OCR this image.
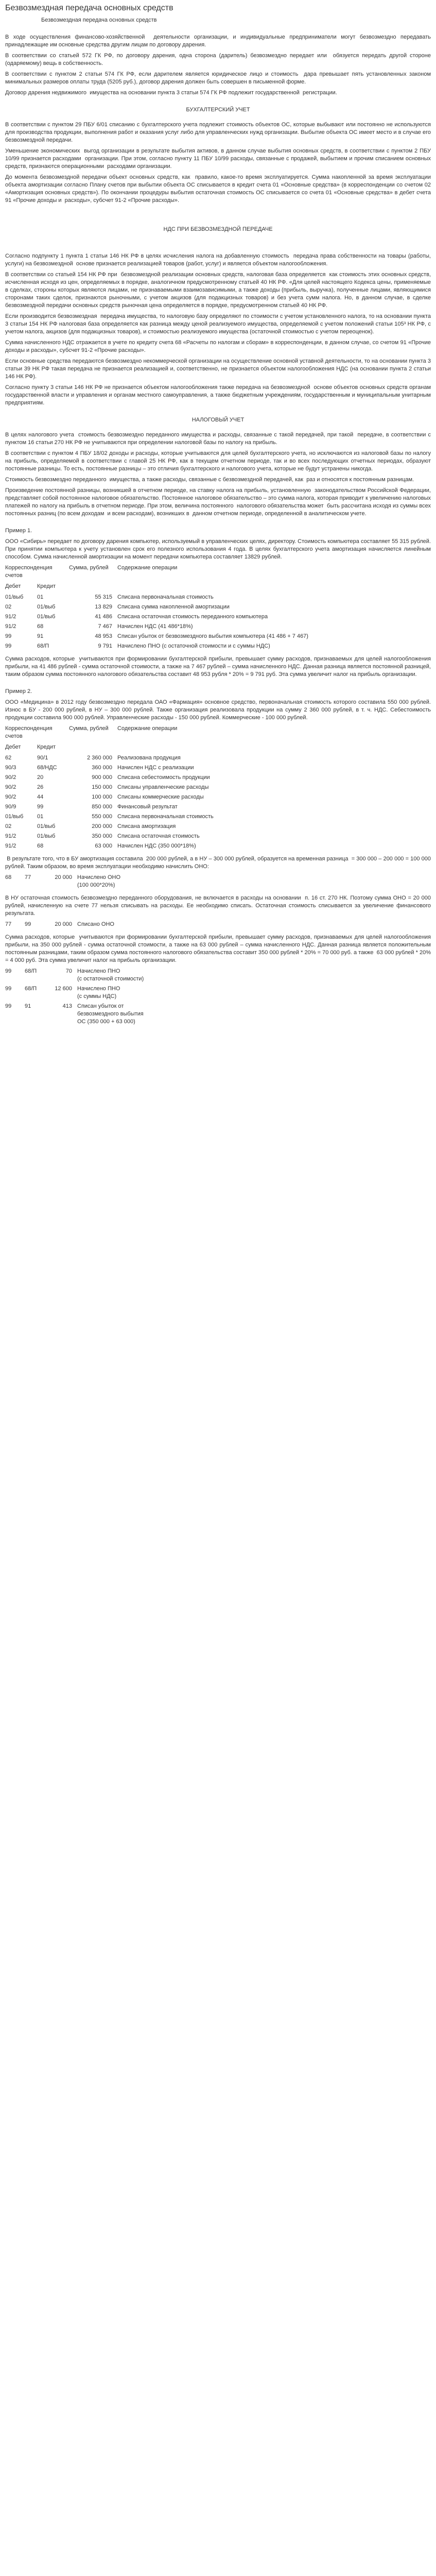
Безвозмездная передача основных средств
Безвозмездная передача основных средств

В ходе осуществления финансово-хозяйственной  деятельности организации, и индивидуальные предприниматели могут безвозмездно передавать принадлежащие им основные средства другим лицам по договору дарения.

В соответствии со статьей 572 ГК РФ, по договору дарения, одна сторона (даритель) безвозмездно передает или  обязуется передать другой стороне (одаряемому) вещь в собственность.

В соответствии с пунктом 2 статьи 574 ГК РФ, если дарителем является юридическое лицо и стоимость  дара превышает пять установленных законом минимальных размеров оплаты труда (5205 руб.), договор дарения должен быть совершен в письменной форме.

Договор дарения недвижимого  имущества на основании пункта 3 статьи 574 ГК РФ подлежит государственной  регистрации.

БУХГАЛТЕРСКИЙ УЧЕТ

В соответствии с пунктом 29 ПБУ 6/01 списанию с бухгалтерского учета подлежит стоимость объектов ОС, которые выбывают или постоянно не используются для производства продукции, выполнения работ и оказания услуг либо для управленческих нужд организации. Выбытие объекта ОС имеет место и в случае его безвозмездной передачи.

Уменьшение экономических  выгод организации в результате выбытия активов, в данном случае выбытия основных средств, в соответствии с пунктом 2 ПБУ 10/99 признается расходами  организации. При этом, согласно пункту 11 ПБУ 10/99 расходы, связанные с продажей, выбытием и прочим списанием основных средств, признаются операционными  расходами организации.

До момента безвозмездной передачи объект основных средств, как  правило, какое-то время эксплуатируется. Сумма накопленной за время эксплуатации объекта амортизации согласно Плану счетов при выбытии объекта ОС списывается в кредит счета 01 «Основные средства» (в корреспонденции со счетом 02 «Амортизация основных средств»). По окончании процедуры выбытия остаточная стоимость ОС списывается со счета 01 «Основные средства» в дебет счета 91 «Прочие доходы и  расходы», субсчет 91-2 «Прочие расходы».

НДС ПРИ БЕЗВОЗМЕЗДНОЙ ПЕРЕДАЧЕ

Согласно подпункту 1 пункта 1 статьи 146 НК РФ в целях исчисления налога на добавленную стоимость  передача права собственности на товары (работы, услуги) на безвозмездной  основе признается реализацией товаров (работ, услуг) и является объектом налогообложения.

В соответствии со статьей 154 НК РФ при  безвозмездной реализации основных средств, налоговая база определяется  как стоимость этих основных средств, исчисленная исходя из цен, определяемых в порядке, аналогичном предусмотренному статьей 40 НК РФ. «Для целей настоящего Кодекса цены, применяемые в сделках, стороны которых являются лицами, не признаваемыми взаимозависимыми, а также доходы (прибыль, выручка), полученные лицами, являющимися сторонами таких сделок, признаются рыночными, с учетом акцизов (для подакцизных товаров) и без учета сумм налога. Но, в данном случае, в сделке безвозмездной передачи основных средств рыночная цена определяется в порядке, предусмотренном статьей 40 НК РФ.

Если производится безвозмездная  передача имущества, то налоговую базу определяют по стоимости с учетом установленного налога, то на основании пункта 3 статьи 154 НК РФ налоговая база определяется как разница между ценой реализуемого имущества, определяемой с учетом положений статьи 105³ НК РФ, с учетом налога, акцизов (для подакцизных товаров), и стоимостью реализуемого имущества (остаточной стоимостью с учетом переоценок).

Сумма начисленного НДС отражается в учете по кредиту счета 68 «Расчеты по налогам и сборам» в корреспонденции, в данном случае, со счетом 91 «Прочие доходы и расходы», субсчет 91-2 «Прочие расходы».

Если основные средства передаются безвозмездно некоммерческой организации на осуществление основной уставной деятельности, то на основании пункта 3 статьи 39 НК РФ такая передача не признается реализацией и, соответственно, не признается объектом налогообложения НДС (на основании пункта 2 статьи 146 НК РФ).

Согласно пункту 3 статьи 146 НК РФ не признается объектом налогообложения также передача на безвозмездной  основе объектов основных средств органам государственной власти и управления и органам местного самоуправления, а также бюджетным учреждениям, государственным и муниципальным унитарным предприятиям.

НАЛОГОВЫЙ УЧЕТ

В целях налогового учета  стоимость безвозмездно переданного имущества и расходы, связанные с такой передачей, при такой  передаче, в соответствии с пунктом 16 статьи 270 НК РФ не учитываются при определении налоговой базы по налогу на прибыль.

В соответствии с пунктом 4 ПБУ 18/02 доходы и расходы, которые учитываются для целей бухгалтерского учета, но исключаются из налоговой базы по налогу на прибыль, определяемой в соответствии с главой 25 НК РФ, как в текущем отчетном периоде, так и во всех последующих отчетных периодах, образуют постоянные разницы. То есть, постоянные разницы – это отличия бухгалтерского и налогового учета, которые не будут устранены никогда.

Стоимость безвозмездно переданного  имущества, а также расходы, связанные с безвозмездной передачей, как  раз и относятся к постоянным разницам.

Произведение постоянной разницы, возникшей в отчетном периоде, на ставку налога на прибыль, установленную  законодательством Российской Федерации, представляет собой постоянное налоговое обязательство. Постоянное налоговое обязательство – это сумма налога, которая приводит к увеличению налоговых платежей по налогу на прибыль в отчетном периоде. При этом, величина постоянного  налогового обязательства может  быть рассчитана исходя из суммы всех постоянных разниц (по всем доходам  и всем расходам), возникших в  данном отчетном периоде, определенной в аналитическом учете.

Пример 1.

ООО «Сибирь» передает по договору дарения компьютер, используемый в управленческих целях, директору. Стоимость компьютера составляет 55 315 рублей. При принятии компьютера к учету установлен срок его полезного использования 4 года. В целях бухгалтерского учета амортизация начисляется линейным способом. Сумма начисленной амортизации на момент передачи компьютера составляет 13829 рублей.

Корреспонденция счетов
Сумма, рублей	Содержание операции
Дебет	Кредит
01/выб	01	55 315 Списана первоначальная стоимость
02	01/выб	13 829 Списана сумма накопленной амортизации
91/2	01/выб	41 486 Списана остаточная стоимость переданного компьютера
91/2	68	7 467 Начислен НДС (41 486*18%)
99	91	48 953 Списан убыток от безвозмездного выбытия компьютера (41 486 + 7 467)
99	68/П	9 791 Начислено ПНО (с остаточной стоимости и с суммы НДС)

Сумма расходов, которые  учитываются при формировании бухгалтерской прибыли, превышает сумму расходов, признаваемых для целей налогообложения  прибыли, на 41 486 рублей - сумма остаточной стоимости, а также на 7 467 рублей – сумма начисленного НДС. Данная разница является постоянной разницей, таким образом сумма постоянного налогового обязательства составит 48 953 рубля * 20% = 9 791 руб. Эта сумма увеличит налог на прибыль организации.

Пример 2.

ООО «Медицина» в 2012 году безвозмездно передала ОАО «Фармация» основное средство, первоначальная стоимость которого составила 550 000 рублей. Износ в БУ - 200 000 рублей, в НУ – 300 000 рублей. Также организация реализовала продукции на сумму 2 360 000 рублей, в т. ч. НДС. Себестоимость продукции составила 900 000 рублей. Управленческие расходы - 150 000 рублей. Коммерческие - 100 000 рублей.

Корреспонденция счетов
Сумма, рублей	Содержание операции
Дебет	Кредит
62	90/1	2 360 000 Реализована продукция
90/3	68/НДС	360 000 Начислен НДС с реализации
90/2	20	900 000 Списана себестоимость продукции
90/2	26	150 000 Списаны управленческие расходы
90/2	44	100 000 Списаны коммерческие расходы
90/9	99	850 000 Финансовый результат
01/выб	01	550 000 Списана первоначальная стоимость
02	01/выб	200 000 Списана амортизация
91/2	01/выб	350 000 Списана остаточная стоимость
91/2	68	63 000 Начислен НДС (350 000*18%)

В результате того, что в БУ амортизация составила  200 000 рублей, а в НУ – 300 000 рублей, образуется на временная разница  = 300 000 – 200 000 = 100 000 рублей. Таким образом, во время эксплуатации необходимо начислить ОНО:

68	77	20 000 Начислено ОНО
(100 000*20%)

В НУ остаточная стоимость безвозмездно переданного оборудования, не включается в расходы на основании  п. 16 ст. 270 НК. Поэтому сумма ОНО = 20 000 рублей, начисленную на счете 77 нельзя списывать на расходы. Ее необходимо списать. Остаточная стоимость списывается за увеличение финансового результата.

77	99	20 000 Списано ОНО

Сумма расходов, которые  учитываются при формировании бухгалтерской прибыли, превышает сумму расходов, признаваемых для целей налогообложения  прибыли, на 350 000 рублей - сумма остаточной стоимости, а также на 63 000 рублей – сумма начисленного НДС. Данная разница является положительным постоянным разницами, таким образом сумма постоянного налогового обязательства составит 350 000 рублей * 20% = 70 000 руб. а также  63 000 рублей * 20% = 4 000 руб. Эта сумма увеличит налог на прибыль организации.

99	68/П	70 Начислено ПНО
(с остаточной стоимости)
99	68/П	12 600 Начислено ПНО
(с суммы НДС)
99	91	413 Списан убыток от
безвозмездного выбытия
ОС (350 000 + 63 000)
